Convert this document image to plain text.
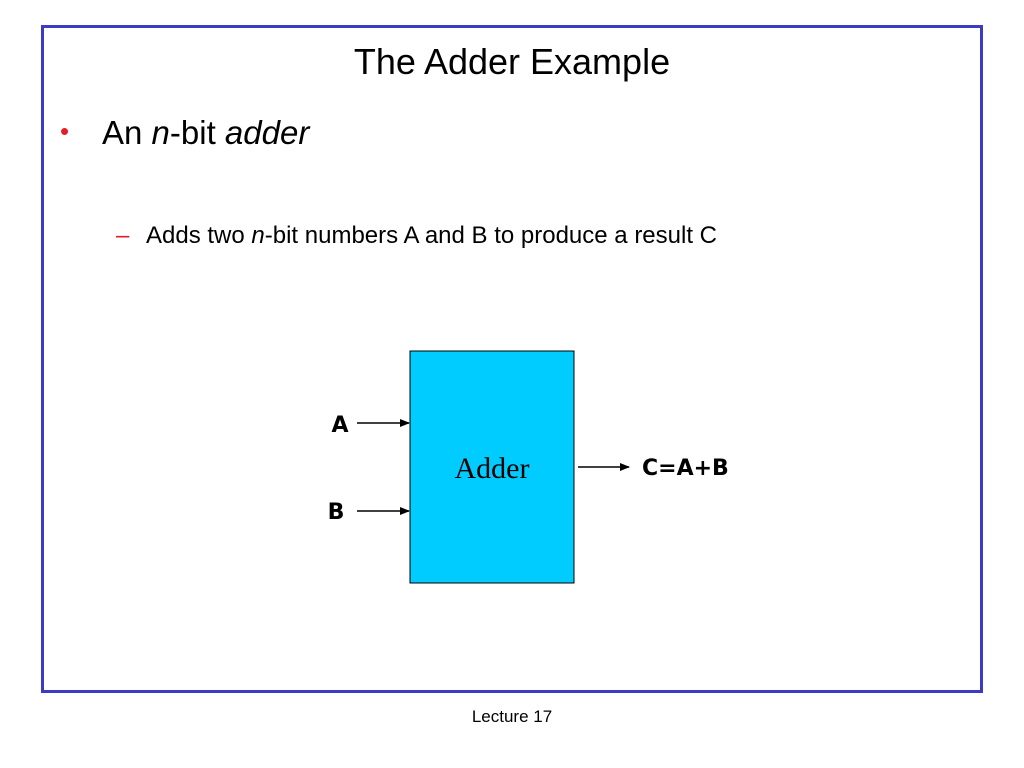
The Adder Example
• An n-bit adder
– Adds two n-bit numbers A and B to produce a result C
Adder
A
B
C=A+B
Lecture 17
